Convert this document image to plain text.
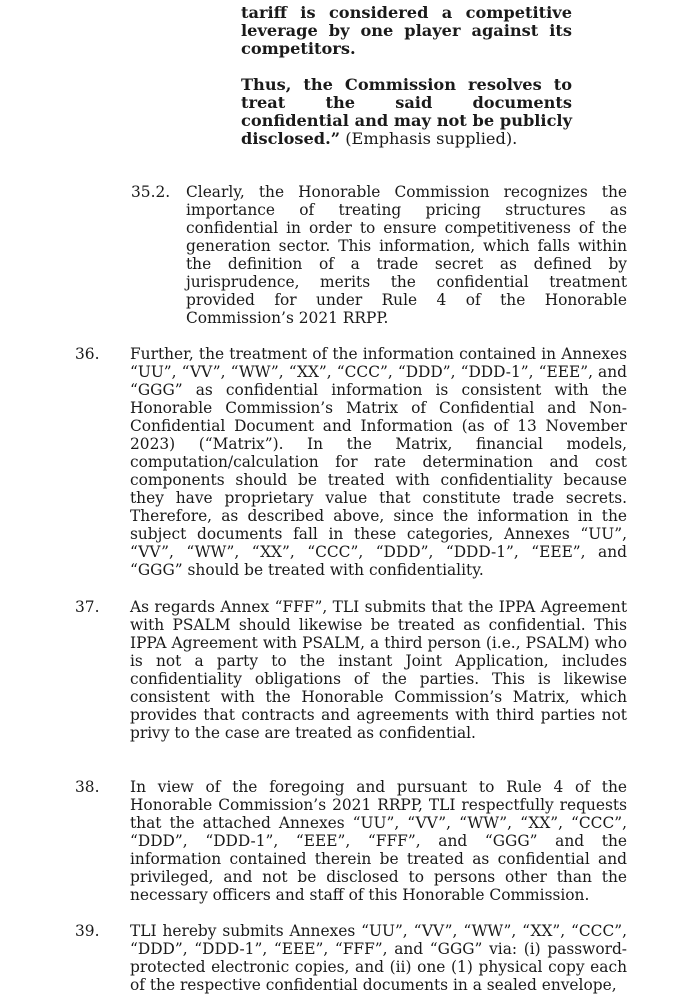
tariff is considered a competitive leverage by one player against its competitors.

Thus, the Commission resolves to treat the said documents confidential and may not be publicly disclosed.” (Emphasis supplied).

35.2. Clearly, the Honorable Commission recognizes the importance of treating pricing structures as confidential in order to ensure competitiveness of the generation sector. This information, which falls within the definition of a trade secret as defined by jurisprudence, merits the confidential treatment provided for under Rule 4 of the Honorable Commission’s 2021 RRPP.

36. Further, the treatment of the information contained in Annexes “UU”, “VV”, “WW”, “XX”, “CCC”, “DDD”, “DDD-1”, “EEE”, and “GGG” as confidential information is consistent with the Honorable Commission’s Matrix of Confidential and Non-Confidential Document and Information (as of 13 November 2023) (“Matrix”). In the Matrix, financial models, computation/calculation for rate determination and cost components should be treated with confidentiality because they have proprietary value that constitute trade secrets. Therefore, as described above, since the information in the subject documents fall in these categories, Annexes “UU”, “VV”, “WW”, “XX”, “CCC”, “DDD”, “DDD-1”, “EEE”, and “GGG” should be treated with confidentiality.

37. As regards Annex “FFF”, TLI submits that the IPPA Agreement with PSALM should likewise be treated as confidential. This IPPA Agreement with PSALM, a third person (i.e., PSALM) who is not a party to the instant Joint Application, includes confidentiality obligations of the parties. This is likewise consistent with the Honorable Commission’s Matrix, which provides that contracts and agreements with third parties not privy to the case are treated as confidential.

38. In view of the foregoing and pursuant to Rule 4 of the Honorable Commission’s 2021 RRPP, TLI respectfully requests that the attached Annexes “UU”, “VV”, “WW”, “XX”, “CCC”, “DDD”, “DDD-1”, “EEE”, “FFF”, and “GGG” and the information contained therein be treated as confidential and privileged, and not be disclosed to persons other than the necessary officers and staff of this Honorable Commission.

39. TLI hereby submits Annexes “UU”, “VV”, “WW”, “XX”, “CCC”, “DDD”, “DDD-1”, “EEE”, “FFF”, and “GGG” via: (i) password-protected electronic copies, and (ii) one (1) physical copy each of the respective confidential documents in a sealed envelope,
